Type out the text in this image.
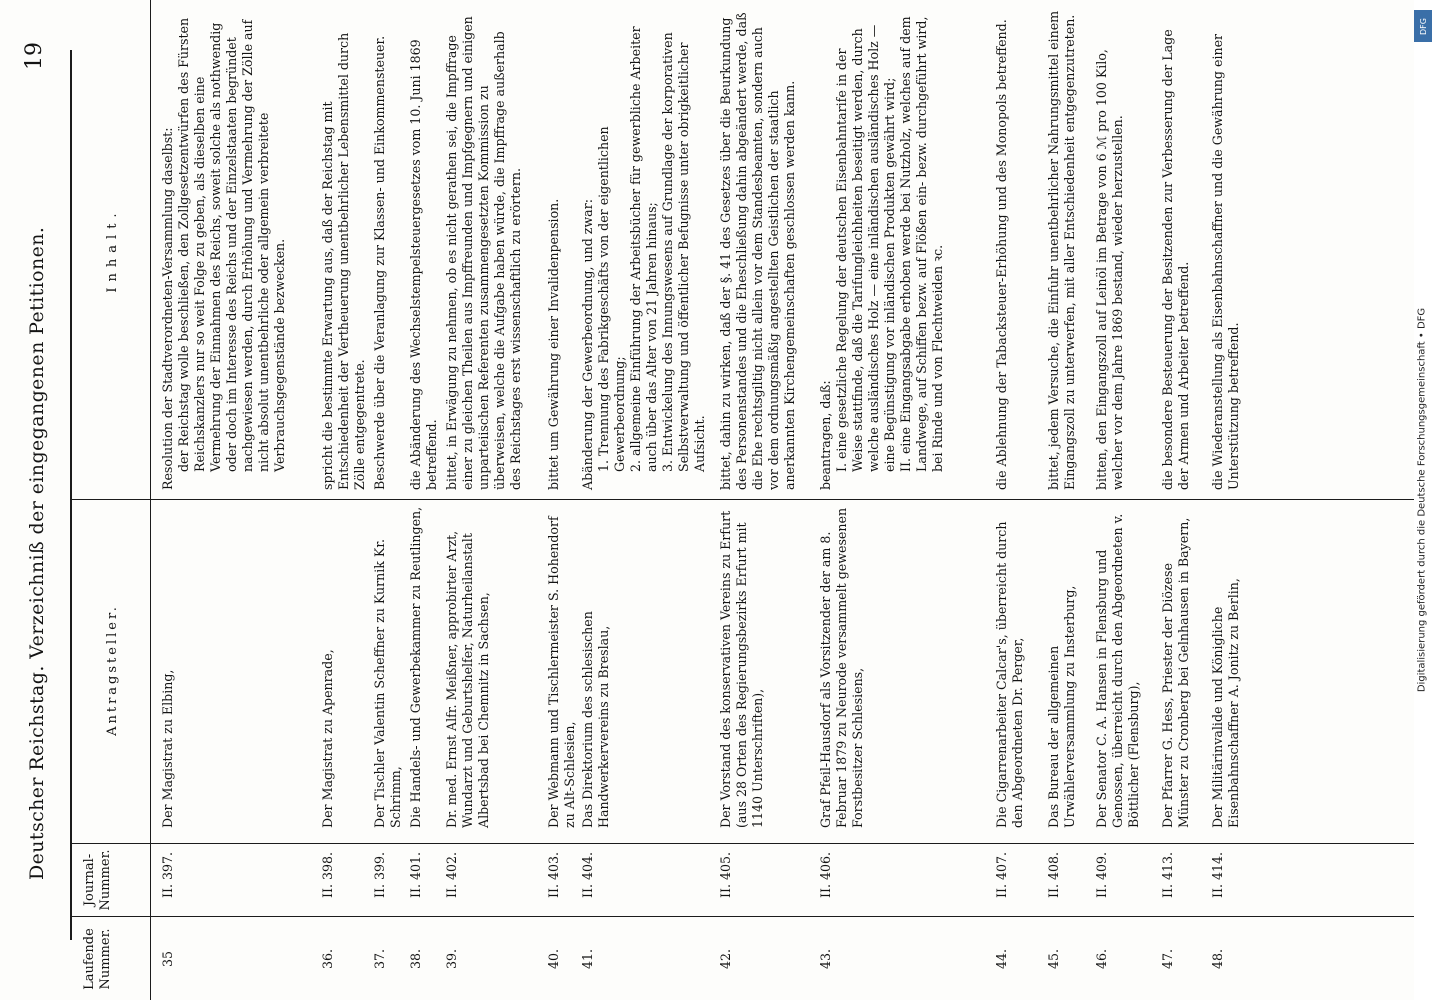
Deutscher Reichstag. Verzeichniß der eingegangenen Petitionen.
19
Laufende Nummer.
Journal-Nummer.
Antragsteller.
Inhalt.
35
II. 397.

Der Magistrat zu Elbing,

Resolution der Stadtverordneten-Versammlung daselbst: der Reichstag wolle beschließen, den Zollgesetzentwürfen des Fürsten Reichskanzlers nur so weit Folge zu geben, als dieselben eine Vermehrung der Einnahmen des Reichs, soweit solche als nothwendig oder doch im Interesse des Reichs und der Einzelstaaten begründet nachgewiesen werden, durch Erhöhung und Vermehrung der Zölle auf nicht absolut unentbehrliche oder allgemein verbreitete Verbrauchsgegenstände bezwecken.

36.
II. 398.

Der Magistrat zu Apenrade,

spricht die bestimmte Erwartung aus, daß der Reichstag mit Entschiedenheit der Vertheuerung unentbehrlicher Lebensmittel durch Zölle entgegentrete.

37.
II. 399.

Der Tischler Valentin Scheffner zu Kurnik Kr. Schrimm,

Beschwerde über die Veranlagung zur Klassen- und Einkommensteuer.

38.
II. 401.

Die Handels- und Gewerbekammer zu Reutlingen,

die Abänderung des Wechselstempelsteuergesetzes vom 10. Juni 1869 betreffend.

39.
II. 402.

Dr. med. Ernst Alfr. Meißner, approbirter Arzt, Wundarzt und Geburtshelfer, Naturheilanstalt Albertsbad bei Chemnitz in Sachsen,

bittet, in Erwägung zu nehmen, ob es nicht gerathen sei, die Impffrage einer zu gleichen Theilen aus Impffreunden und Impfgegnern und einigen unparteiischen Referenten zusammengesetzten Kommission zu überweisen, welche die Aufgabe haben würde, die Impffrage außerhalb des Reichstages erst wissenschaftlich zu erörtern.

40.
II. 403.

Der Webmann und Tischlermeister S. Hohendorf zu Alt-Schlesien,

bittet um Gewährung einer Invalidenpension.

41.
II. 404.

Das Direktorium des schlesischen Handwerkervereins zu Breslau,

Abänderung der Gewerbeordnung, und zwar: 1. Trennung des Fabrikgeschäfts von der eigentlichen Gewerbeordnung; 2. allgemeine Einführung der Arbeitsbücher für gewerbliche Arbeiter auch über das Alter von 21 Jahren hinaus; 3. Entwickelung des Innungswesens auf Grundlage der korporativen Selbstverwaltung und öffentlicher Befugnisse unter obrigkeitlicher Aufsicht.

42.
II. 405.

Der Vorstand des konservativen Vereins zu Erfurt (aus 28 Orten des Regierungsbezirks Erfurt mit 1140 Unterschriften),

bittet, dahin zu wirken, daß der §. 41 des Gesetzes über die Beurkundung des Personenstandes und die Eheschließung dahin abgeändert werde, daß die Ehe rechtsgiltig nicht allein vor dem Standesbeamten, sondern auch vor dem ordnungsmäßig angestellten Geistlichen der staatlich anerkannten Kirchengemeinschaften geschlossen werden kann.

43.
II. 406.

Graf Pfeil-Hausdorf als Vorsitzender der am 8. Februar 1879 zu Neurode versammelt gewesenen Forstbesitzer Schlesiens,

beantragen, daß: I. eine gesetzliche Regelung der deutschen Eisenbahntarife in der Weise stattfinde, daß die Tarifungleichheiten beseitigt werden, durch welche ausländisches Holz — eine inländischen ausländisches Holz — eine Begünstigung vor inländischen Produkten gewährt wird; II. eine Eingangsabgabe erhoben werde bei Nutzholz, welches auf dem Landwege, auf Schiffen bezw. auf Flößen ein- bezw. durchgeführt wird, bei Rinde und von Flechtweiden ꝛc.

44.
II. 407.

Die Cigarrenarbeiter Calcar's, überreicht durch den Abgeordneten Dr. Perger,

die Ablehnung der Tabacksteuer-Erhöhung und des Monopols betreffend.

45.
II. 408.

Das Bureau der allgemeinen Urwählerversammlung zu Insterburg,

bittet, jedem Versuche, die Einfuhr unentbehrlicher Nahrungsmittel einem Eingangszoll zu unterwerfen, mit aller Entschiedenheit entgegenzutreten.

46.
II. 409.

Der Senator C. A. Hansen in Flensburg und Genossen, überreicht durch den Abgeordneten v. Böttlicher (Flensburg),

bitten, den Eingangszoll auf Leinöl im Betrage von 6 ℳ pro 100 Kilo, welcher vor dem Jahre 1869 bestand, wieder herzustellen.

47.
II. 413.

Der Pfarrer G. Hess, Priester der Diözese Münster zu Cronberg bei Gelnhausen in Bayern,

die besondere Besteuerung der Besitzenden zur Verbesserung der Lage der Armen und Arbeiter betreffend.

48.
II. 414.

Der Militärinvalide und Königliche Eisenbahnschaffner A. Jonitz zu Berlin,

die Wiederanstellung als Eisenbahnschaffner und die Gewährung einer Unterstützung betreffend.

DFG
Digitalisierung gefördert durch die Deutsche Forschungsgemeinschaft • DFG
